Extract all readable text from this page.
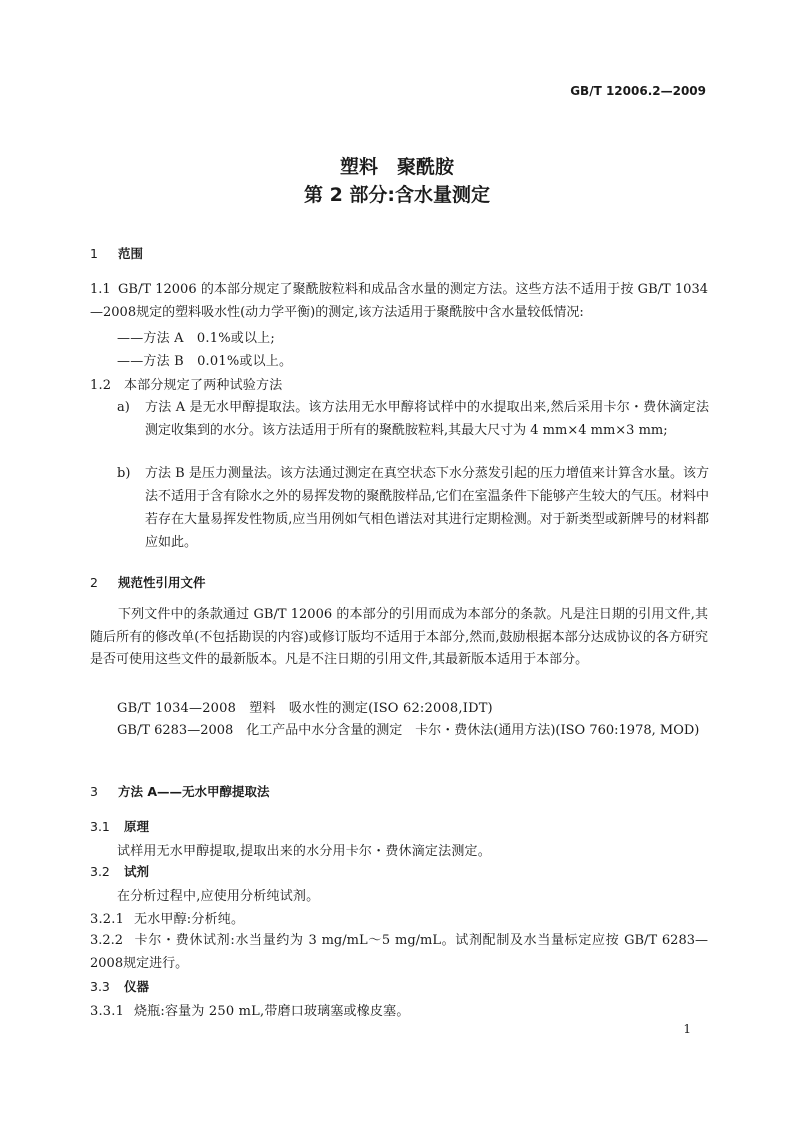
GB/T 12006.2—2009
塑料　聚酰胺
第 2 部分:含水量测定
1 范围
1.1 GB/T 12006 的本部分规定了聚酰胺粒料和成品含水量的测定方法。这些方法不适用于按 GB/T 1034—2008规定的塑料吸水性(动力学平衡)的测定,该方法适用于聚酰胺中含水量较低情况:
——方法 A　0.1%或以上;
——方法 B　0.01%或以上。
1.2 本部分规定了两种试验方法
a) 方法 A 是无水甲醇提取法。该方法用无水甲醇将试样中的水提取出来,然后采用卡尔・费休滴定法测定收集到的水分。该方法适用于所有的聚酰胺粒料,其最大尺寸为 4 mm×4 mm×3 mm;
b) 方法 B 是压力测量法。该方法通过测定在真空状态下水分蒸发引起的压力增值来计算含水量。该方法不适用于含有除水之外的易挥发物的聚酰胺样品,它们在室温条件下能够产生较大的气压。材料中若存在大量易挥发性物质,应当用例如气相色谱法对其进行定期检测。对于新类型或新牌号的材料都应如此。
2 规范性引用文件
下列文件中的条款通过 GB/T 12006 的本部分的引用而成为本部分的条款。凡是注日期的引用文件,其随后所有的修改单(不包括勘误的内容)或修订版均不适用于本部分,然而,鼓励根据本部分达成协议的各方研究是否可使用这些文件的最新版本。凡是不注日期的引用文件,其最新版本适用于本部分。
GB/T 1034—2008　塑料　吸水性的测定(ISO 62:2008,IDT)
GB/T 6283—2008　化工产品中水分含量的测定　卡尔・费休法(通用方法)(ISO 760:1978, MOD)
3 方法 A——无水甲醇提取法
3.1 原理
试样用无水甲醇提取,提取出来的水分用卡尔・费休滴定法测定。
3.2 试剂
在分析过程中,应使用分析纯试剂。
3.2.1 无水甲醇:分析纯。
3.2.2 卡尔・费休试剂:水当量约为 3 mg/mL～5 mg/mL。试剂配制及水当量标定应按 GB/T 6283—2008规定进行。
3.3 仪器
3.3.1 烧瓶:容量为 250 mL,带磨口玻璃塞或橡皮塞。
1
